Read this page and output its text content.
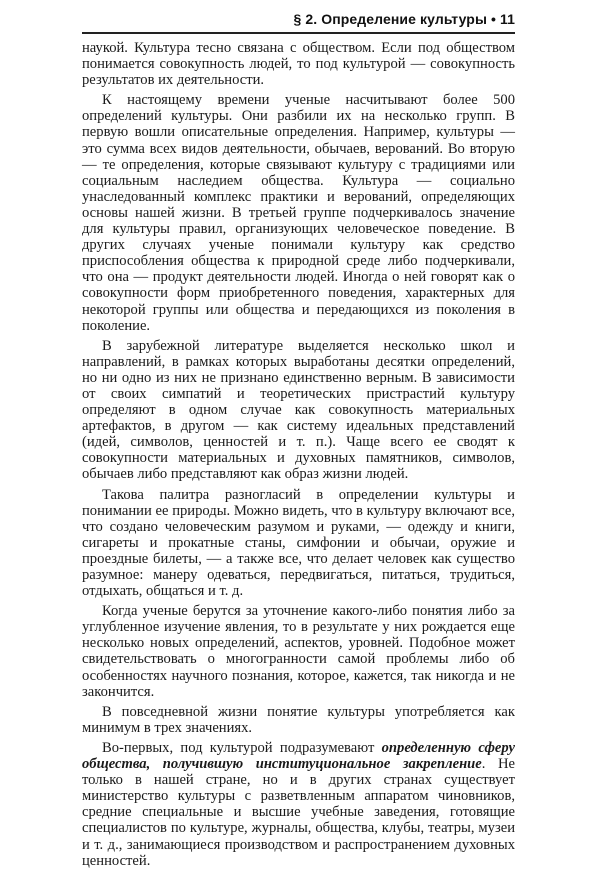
§ 2. Определение культуры • 11

наукой. Культура тесно связана с обществом. Если под обществом понимается совокупность людей, то под культурой — совокупность результатов их деятельности.

К настоящему времени ученые насчитывают более 500 определений культуры. Они разбили их на несколько групп. В первую вошли описательные определения. Например, культуры — это сумма всех видов деятельности, обычаев, верований. Во вторую — те определения, которые связывают культуру с традициями или социальным наследием общества. Культура — социально унаследованный комплекс практики и верований, определяющих основы нашей жизни. В третьей группе подчеркивалось значение для культуры правил, организующих человеческое поведение. В других случаях ученые понимали культуру как средство приспособления общества к природной среде либо подчеркивали, что она — продукт деятельности людей. Иногда о ней говорят как о совокупности форм приобретенного поведения, характерных для некоторой группы или общества и передающихся из поколения в поколение.

В зарубежной литературе выделяется несколько школ и направлений, в рамках которых выработаны десятки определений, но ни одно из них не признано единственно верным. В зависимости от своих симпатий и теоретических пристрастий культуру определяют в одном случае как совокупность материальных артефактов, в другом — как систему идеальных представлений (идей, символов, ценностей и т. п.). Чаще всего ее сводят к совокупности материальных и духовных памятников, символов, обычаев либо представляют как образ жизни людей.

Такова палитра разногласий в определении культуры и понимании ее природы. Можно видеть, что в культуру включают все, что создано человеческим разумом и руками, — одежду и книги, сигареты и прокатные станы, симфонии и обычаи, оружие и проездные билеты, — а также все, что делает человек как существо разумное: манеру одеваться, передвигаться, питаться, трудиться, отдыхать, общаться и т. д.

Когда ученые берутся за уточнение какого-либо понятия либо за углубленное изучение явления, то в результате у них рождается еще несколько новых определений, аспектов, уровней. Подобное может свидетельствовать о многогранности самой проблемы либо об особенностях научного познания, которое, кажется, так никогда и не закончится.

В повседневной жизни понятие культуры употребляется как минимум в трех значениях.

Во-первых, под культурой подразумевают определенную сферу общества, получившую институциональное закрепление. Не только в нашей стране, но и в других странах существует министерство культуры с разветвленным аппаратом чиновников, средние специальные и высшие учебные заведения, готовящие специалистов по культуре, журналы, общества, клубы, театры, музеи и т. д., занимающиеся производством и распространением духовных ценностей.
